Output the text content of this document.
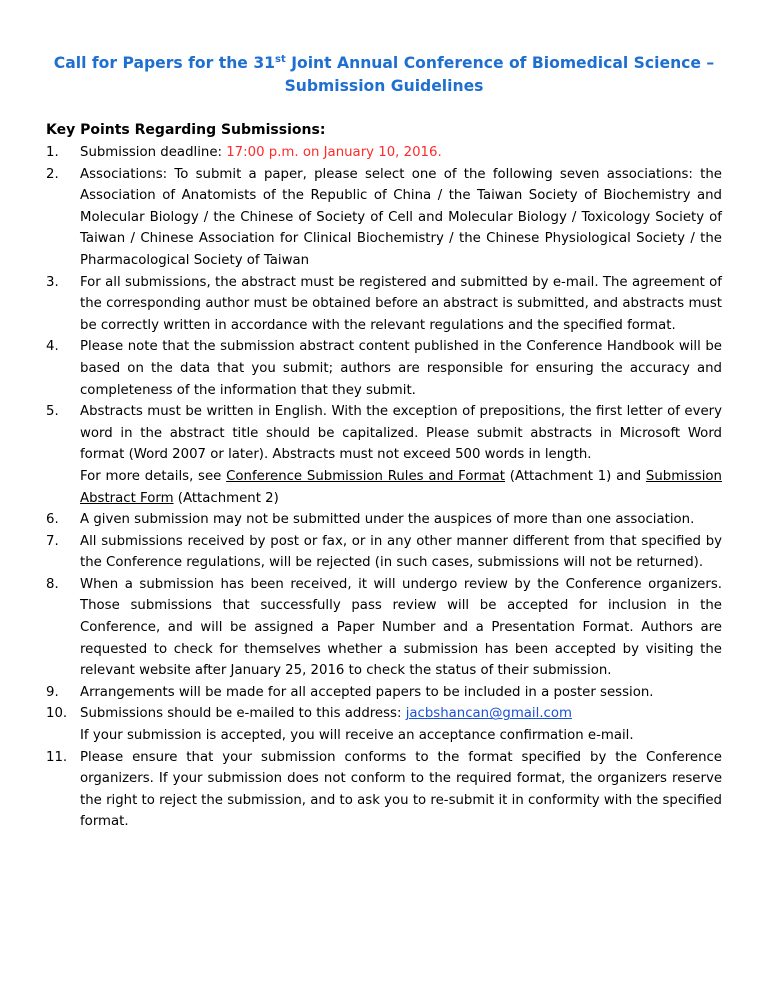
Call for Papers for the 31st Joint Annual Conference of Biomedical Science – Submission Guidelines

Key Points Regarding Submissions:

1. Submission deadline: 17:00 p.m. on January 10, 2016.
2. Associations: To submit a paper, please select one of the following seven associations: the Association of Anatomists of the Republic of China / the Taiwan Society of Biochemistry and Molecular Biology / the Chinese of Society of Cell and Molecular Biology / Toxicology Society of Taiwan / Chinese Association for Clinical Biochemistry / the Chinese Physiological Society / the Pharmacological Society of Taiwan
3. For all submissions, the abstract must be registered and submitted by e-mail. The agreement of the corresponding author must be obtained before an abstract is submitted, and abstracts must be correctly written in accordance with the relevant regulations and the specified format.
4. Please note that the submission abstract content published in the Conference Handbook will be based on the data that you submit; authors are responsible for ensuring the accuracy and completeness of the information that they submit.
5. Abstracts must be written in English. With the exception of prepositions, the first letter of every word in the abstract title should be capitalized. Please submit abstracts in Microsoft Word format (Word 2007 or later). Abstracts must not exceed 500 words in length.
For more details, see Conference Submission Rules and Format (Attachment 1) and Submission Abstract Form (Attachment 2)
6. A given submission may not be submitted under the auspices of more than one association.
7. All submissions received by post or fax, or in any other manner different from that specified by the Conference regulations, will be rejected (in such cases, submissions will not be returned).
8. When a submission has been received, it will undergo review by the Conference organizers. Those submissions that successfully pass review will be accepted for inclusion in the Conference, and will be assigned a Paper Number and a Presentation Format. Authors are requested to check for themselves whether a submission has been accepted by visiting the relevant website after January 25, 2016 to check the status of their submission.
9. Arrangements will be made for all accepted papers to be included in a poster session.
10. Submissions should be e-mailed to this address: jacbshancan@gmail.com
If your submission is accepted, you will receive an acceptance confirmation e-mail.
11. Please ensure that your submission conforms to the format specified by the Conference organizers. If your submission does not conform to the required format, the organizers reserve the right to reject the submission, and to ask you to re-submit it in conformity with the specified format.
